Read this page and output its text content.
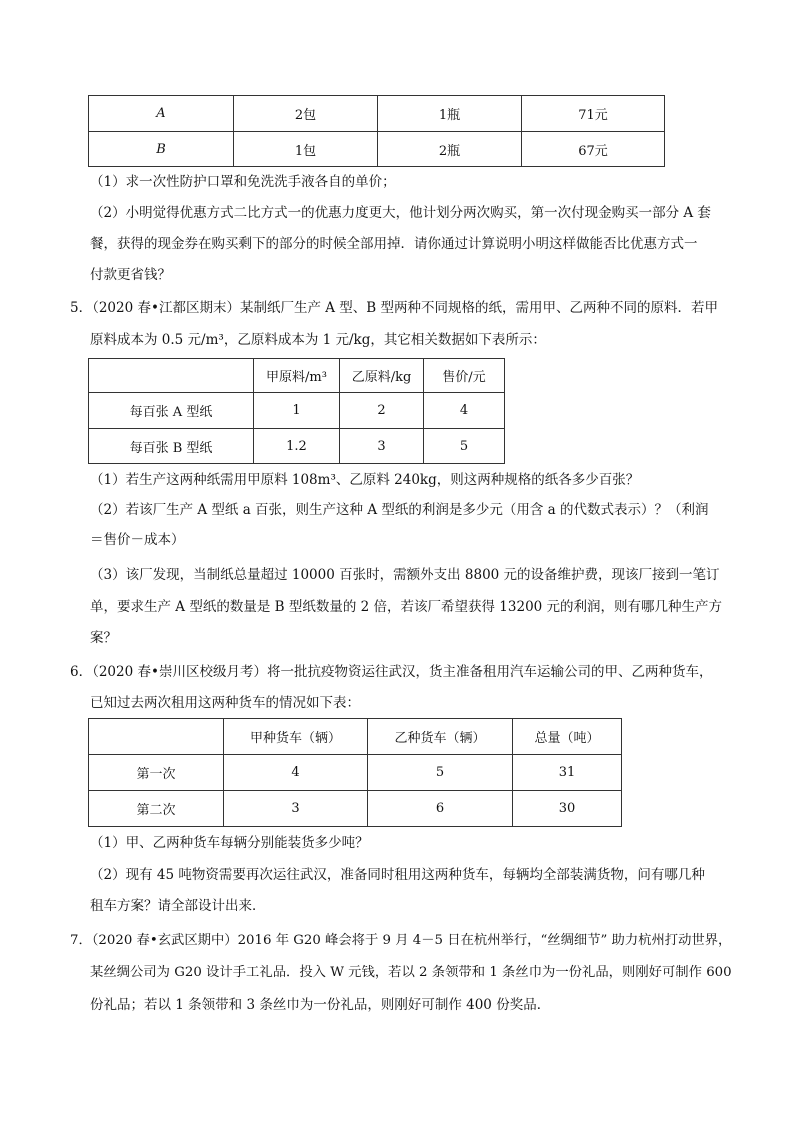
A	2包	1瓶	71元
B	1包	2瓶	67元
（1）求一次性防护口罩和免洗洗手液各自的单价；
（2）小明觉得优惠方式二比方式一的优惠力度更大，他计划分两次购买，第一次付现金购买一部分 A 套
餐，获得的现金券在购买剩下的部分的时候全部用掉．请你通过计算说明小明这样做能否比优惠方式一
付款更省钱？
5．（2020 春•江都区期末）某制纸厂生产 A 型、B 型两种不同规格的纸，需用甲、乙两种不同的原料．若甲
原料成本为 0.5 元/m³，乙原料成本为 1 元/kg，其它相关数据如下表所示：
	甲原料/m³	乙原料/kg	售价/元
每百张 A 型纸	1	2	4
每百张 B 型纸	1.2	3	5
（1）若生产这两种纸需用甲原料 108m³、乙原料 240kg，则这两种规格的纸各多少百张？
（2）若该厂生产 A 型纸 a 百张，则生产这种 A 型纸的利润是多少元（用含 a 的代数式表示）？（利润
＝售价－成本）
（3）该厂发现，当制纸总量超过 10000 百张时，需额外支出 8800 元的设备维护费，现该厂接到一笔订
单，要求生产 A 型纸的数量是 B 型纸数量的 2 倍，若该厂希望获得 13200 元的利润，则有哪几种生产方
案？
6．（2020 春•崇川区校级月考）将一批抗疫物资运往武汉，货主准备租用汽车运输公司的甲、乙两种货车，
已知过去两次租用这两种货车的情况如下表：
	甲种货车（辆）	乙种货车（辆）	总量（吨）
第一次	4	5	31
第二次	3	6	30
（1）甲、乙两种货车每辆分别能装货多少吨？
（2）现有 45 吨物资需要再次运往武汉，准备同时租用这两种货车，每辆均全部装满货物，问有哪几种
租车方案？请全部设计出来．
7．（2020 春•玄武区期中）2016 年 G20 峰会将于 9 月 4－5 日在杭州举行，“丝绸细节” 助力杭州打动世界，
某丝绸公司为 G20 设计手工礼品．投入 W 元钱，若以 2 条领带和 1 条丝巾为一份礼品，则刚好可制作 600
份礼品；若以 1 条领带和 3 条丝巾为一份礼品，则刚好可制作 400 份奖品．
